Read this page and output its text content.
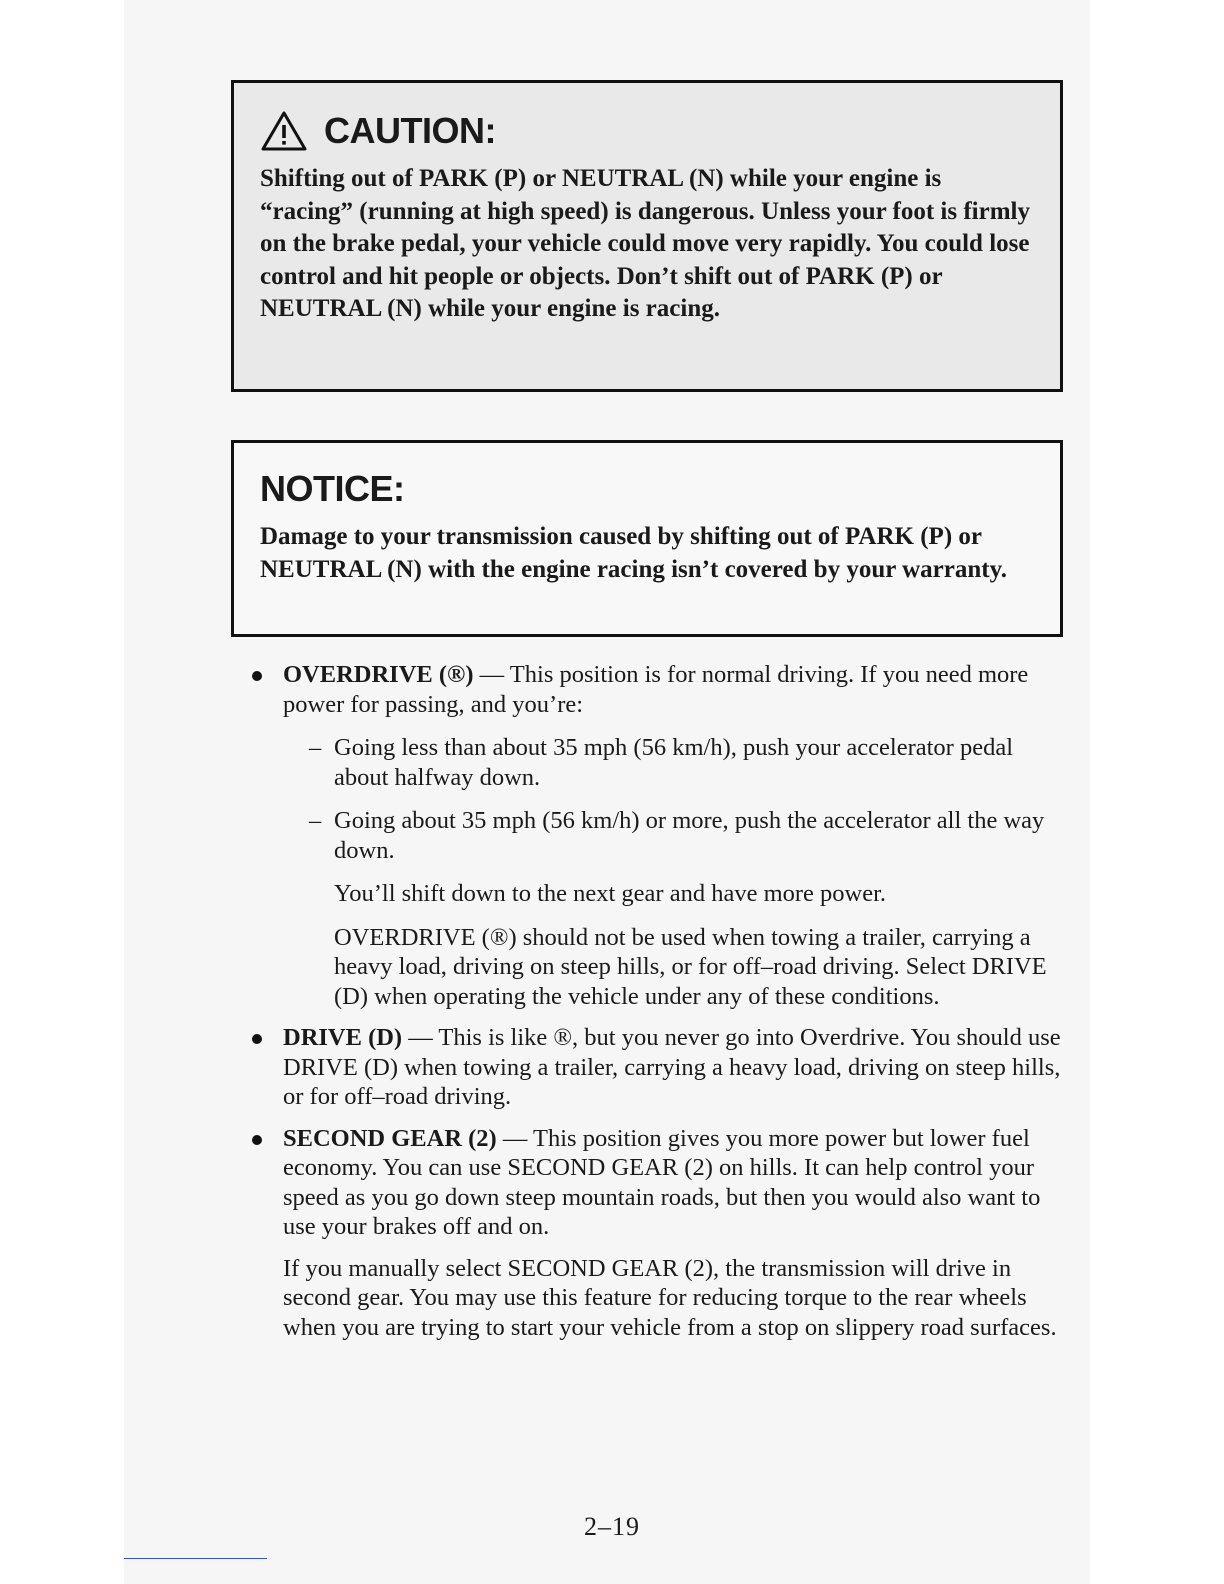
CAUTION:
Shifting out of PARK (P) or NEUTRAL (N) while your engine is “racing” (running at high speed) is dangerous. Unless your foot is firmly on the brake pedal, your vehicle could move very rapidly. You could lose control and hit people or objects. Don’t shift out of PARK (P) or NEUTRAL (N) while your engine is racing.
NOTICE:
Damage to your transmission caused by shifting out of PARK (P) or NEUTRAL (N) with the engine racing isn’t covered by your warranty.
OVERDRIVE (®) — This position is for normal driving. If you need more power for passing, and you’re:
– Going less than about 35 mph (56 km/h), push your accelerator pedal about halfway down.
– Going about 35 mph (56 km/h) or more, push the accelerator all the way down.
You’ll shift down to the next gear and have more power.
OVERDRIVE (®) should not be used when towing a trailer, carrying a heavy load, driving on steep hills, or for off–road driving. Select DRIVE (D) when operating the vehicle under any of these conditions.
DRIVE (D) — This is like ®, but you never go into Overdrive. You should use DRIVE (D) when towing a trailer, carrying a heavy load, driving on steep hills, or for off–road driving.
SECOND GEAR (2) — This position gives you more power but lower fuel economy. You can use SECOND GEAR (2) on hills. It can help control your speed as you go down steep mountain roads, but then you would also want to use your brakes off and on.
If you manually select SECOND GEAR (2), the transmission will drive in second gear. You may use this feature for reducing torque to the rear wheels when you are trying to start your vehicle from a stop on slippery road surfaces.
2–19
